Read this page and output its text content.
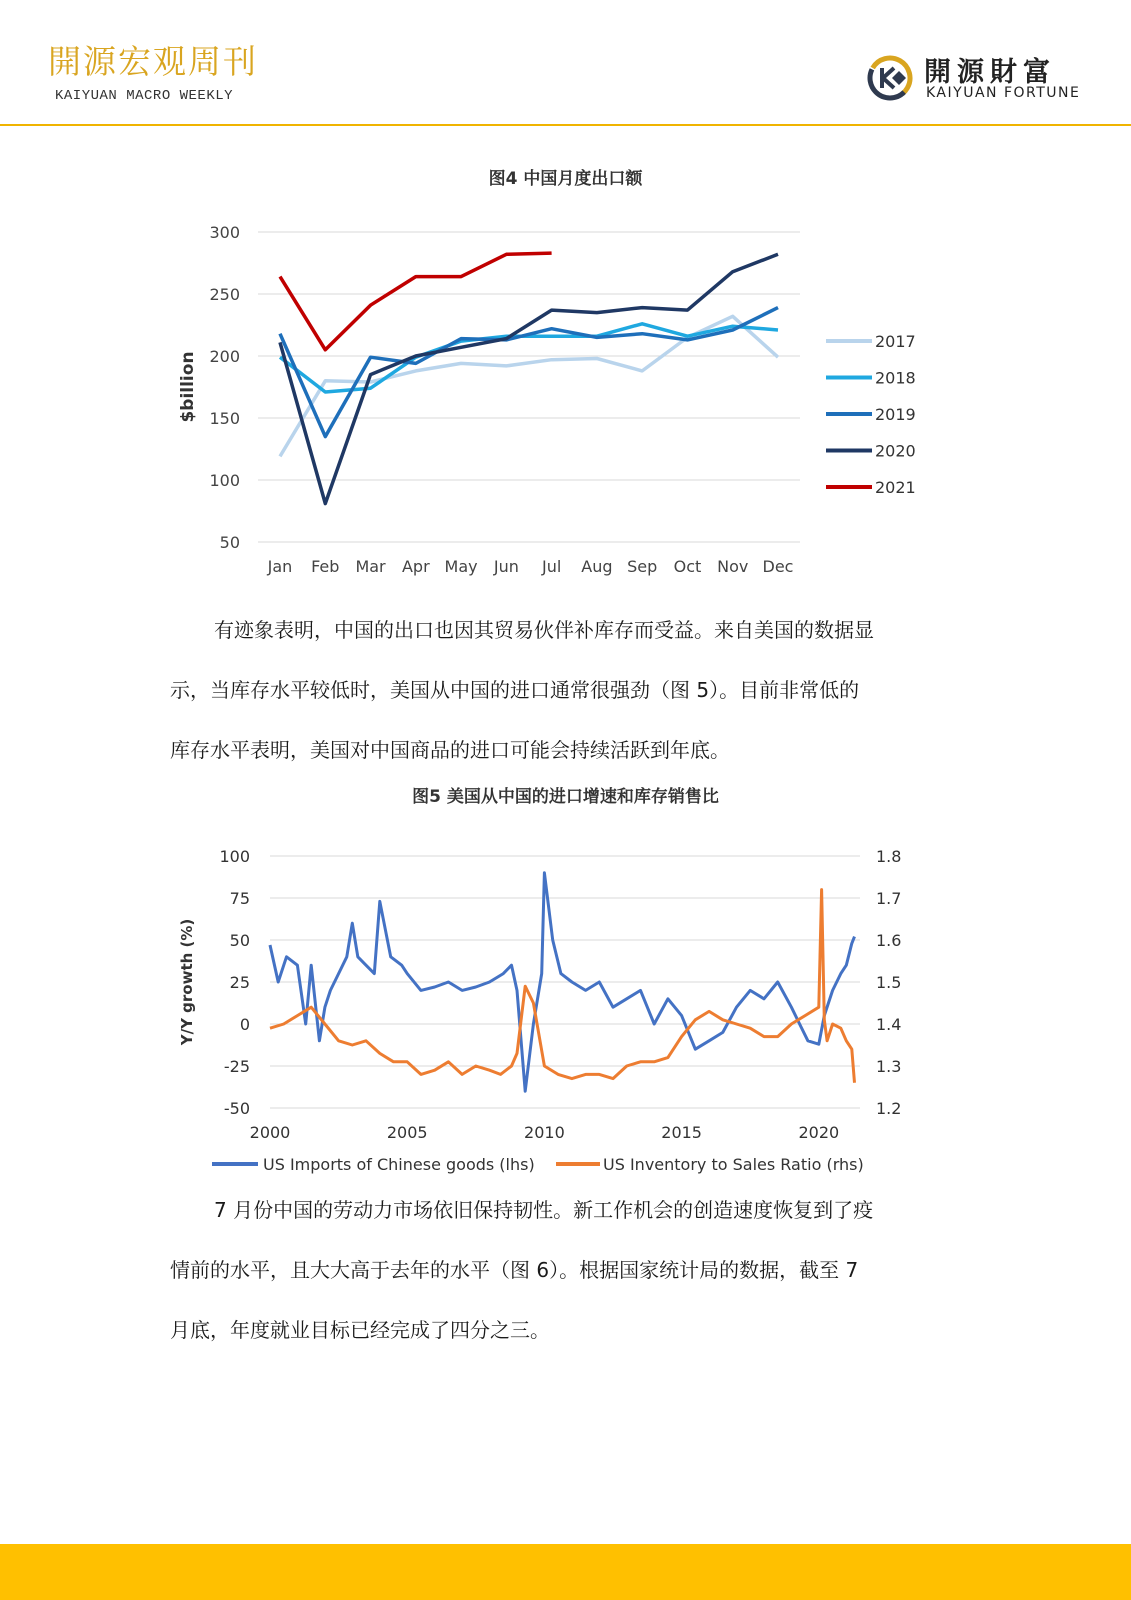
開源宏观周刊
KAIYUAN MACRO WEEKLY
開源財富
KAIYUAN FORTUNE
图4 中国月度出口额
50
100
150
200
250
300
Jan Feb Mar Apr May Jun Jul Aug Sep Oct Nov Dec
$billion
2017
2018
2019
2020
2021
有迹象表明，中国的出口也因其贸易伙伴补库存而受益。来自美国的数据显
示，当库存水平较低时，美国从中国的进口通常很强劲（图 5）。目前非常低的
库存水平表明，美国对中国商品的进口可能会持续活跃到年底。
图5 美国从中国的进口增速和库存销售比
-50
-25
0
25
50
75
100
1.2
1.3
1.4
1.5
1.6
1.7
1.8
2000	2005	2010	2015	2020
Y/Y growth (%)
US Imports of Chinese goods (lhs)	US Inventory to Sales Ratio (rhs)
7 月份中国的劳动力市场依旧保持韧性。新工作机会的创造速度恢复到了疫
情前的水平，且大大高于去年的水平（图 6）。根据国家统计局的数据，截至 7
月底，年度就业目标已经完成了四分之三。
